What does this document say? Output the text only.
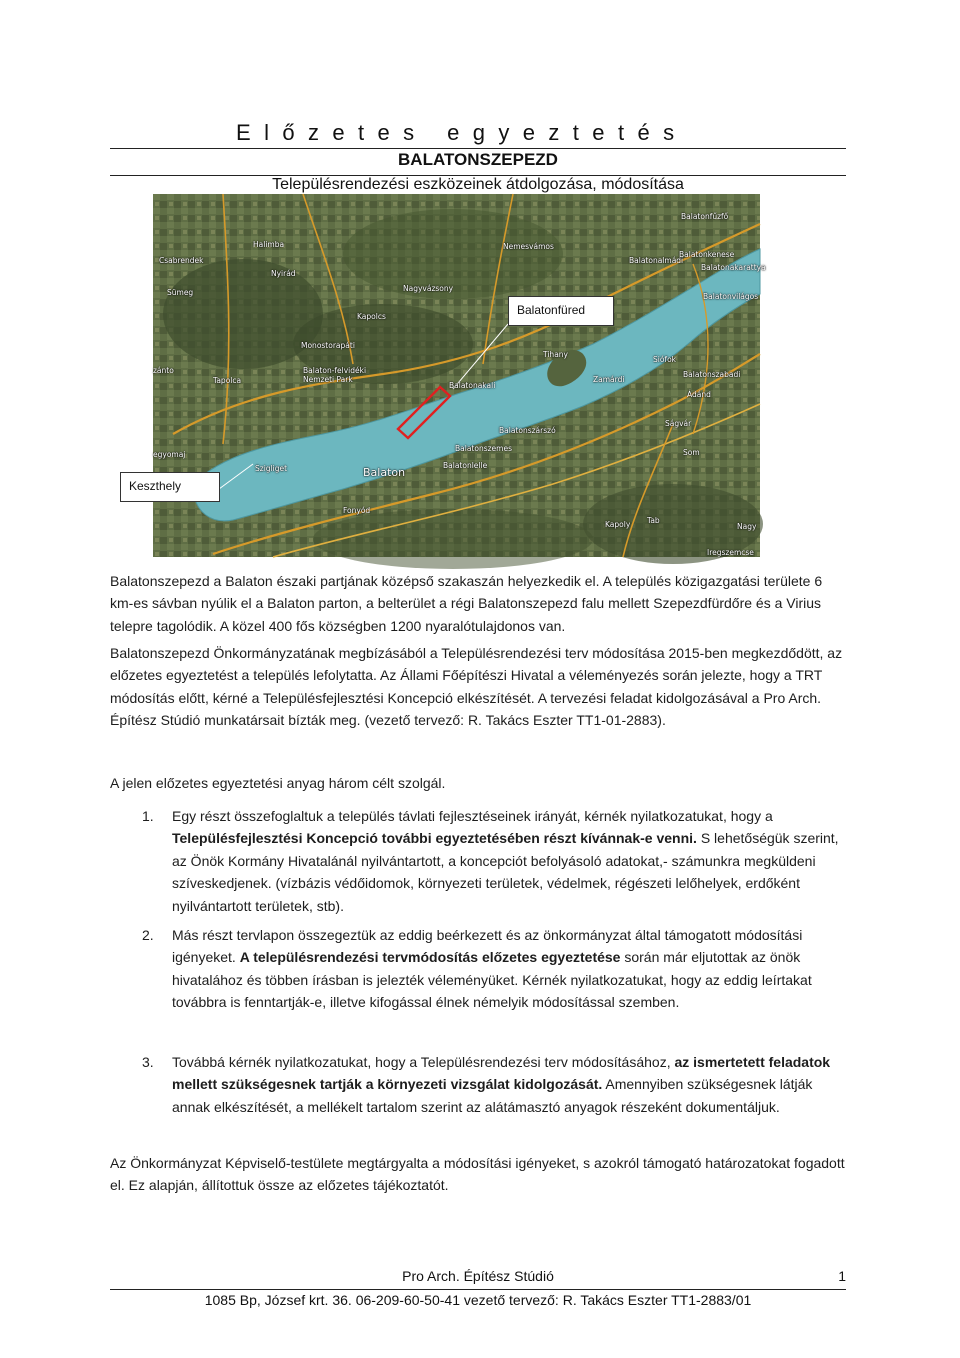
Előzetes egyeztetés
BALATONSZEPEZD
Településrendezési eszközeinek átdolgozása, módosítása
Csabrendek
Halimba
Nyirád
Sümeg	Nagyvázsony
Kapolcs
Monostorapáti
Tapolca
Balaton-felvidéki Nemzeti Park
Balatonakali
Nemesvámos
Balatonfűzfő
Balatonalmádi
Balatonkenese
Balatonakarattya
Balatonvilágos
Tihany
Siófok
Balatonszabadi
Zamárdi
Ádánd
Ságvár
Som
Balatonszárszó
Balatonszemes
Balatonlelle
Szigliget	Balaton
Fonyód
Kapoly Tab
Nagy
Iregszemcse
zánto
egyomaj
Balatonfüred
Keszthely

Balatonszepezd a Balaton északi partjának középső szakaszán helyezkedik el. A település közigazgatási területe 6 km-es sávban nyúlik el a Balaton parton, a belterület a régi Balatonszepezd falu mellett Szepezdfürdőre és a Virius telepre tagolódik. A közel 400 fős községben 1200 nyaralótulajdonos van.

Balatonszepezd Önkormányzatának megbízásából a Településrendezési terv módosítása 2015-ben megkezdődött, az előzetes egyeztetést a település lefolytatta. Az Állami Főépítészi Hivatal a véleményezés során jelezte, hogy a TRT módosítás előtt, kérné a Településfejlesztési Koncepció elkészítését. A tervezési feladat kidolgozásával a Pro Arch. Építész Stúdió munkatársait bízták meg. (vezető tervező: R. Takács Eszter TT1-01-2883).

A jelen előzetes egyeztetési anyag három célt szolgál.

1. Egy részt összefoglaltuk a település távlati fejlesztéseinek irányát, kérnék nyilatkozatukat, hogy a Településfejlesztési Koncepció további egyeztetésében részt kívánnak-e venni. S lehetőségük szerint, az Önök Kormány Hivatalánál nyilvántartott, a koncepciót befolyásoló adatokat,- számunkra megküldeni szíveskedjenek. (vízbázis védőidomok, környezeti területek, védelmek, régészeti lelőhelyek, erdőként nyilvántartott területek, stb).

2. Más részt tervlapon összegeztük az eddig beérkezett és az önkormányzat által támogatott módosítási igényeket. A településrendezési tervmódosítás előzetes egyeztetése során már eljutottak az önök hivatalához és többen írásban is jelezték véleményüket. Kérnék nyilatkozatukat, hogy az eddig leírtakat továbbra is fenntartják-e, illetve kifogással élnek némelyik módosítással szemben.

3. Továbbá kérnék nyilatkozatukat, hogy a Településrendezési terv módosításához, az ismertetett feladatok mellett szükségesnek tartják a környezeti vizsgálat kidolgozását. Amennyiben szükségesnek látják annak elkészítését, a mellékelt tartalom szerint az alátámasztó anyagok részeként dokumentáljuk.

Az Önkormányzat Képviselő-testülete megtárgyalta a módosítási igényeket, s azokról támogató határozatokat fogadott el. Ez alapján, állítottuk össze az előzetes tájékoztatót.

Pro Arch. Építész Stúdió	1
1085 Bp, József krt. 36. 06-209-60-50-41 vezető tervező: R. Takács Eszter TT1-2883/01
